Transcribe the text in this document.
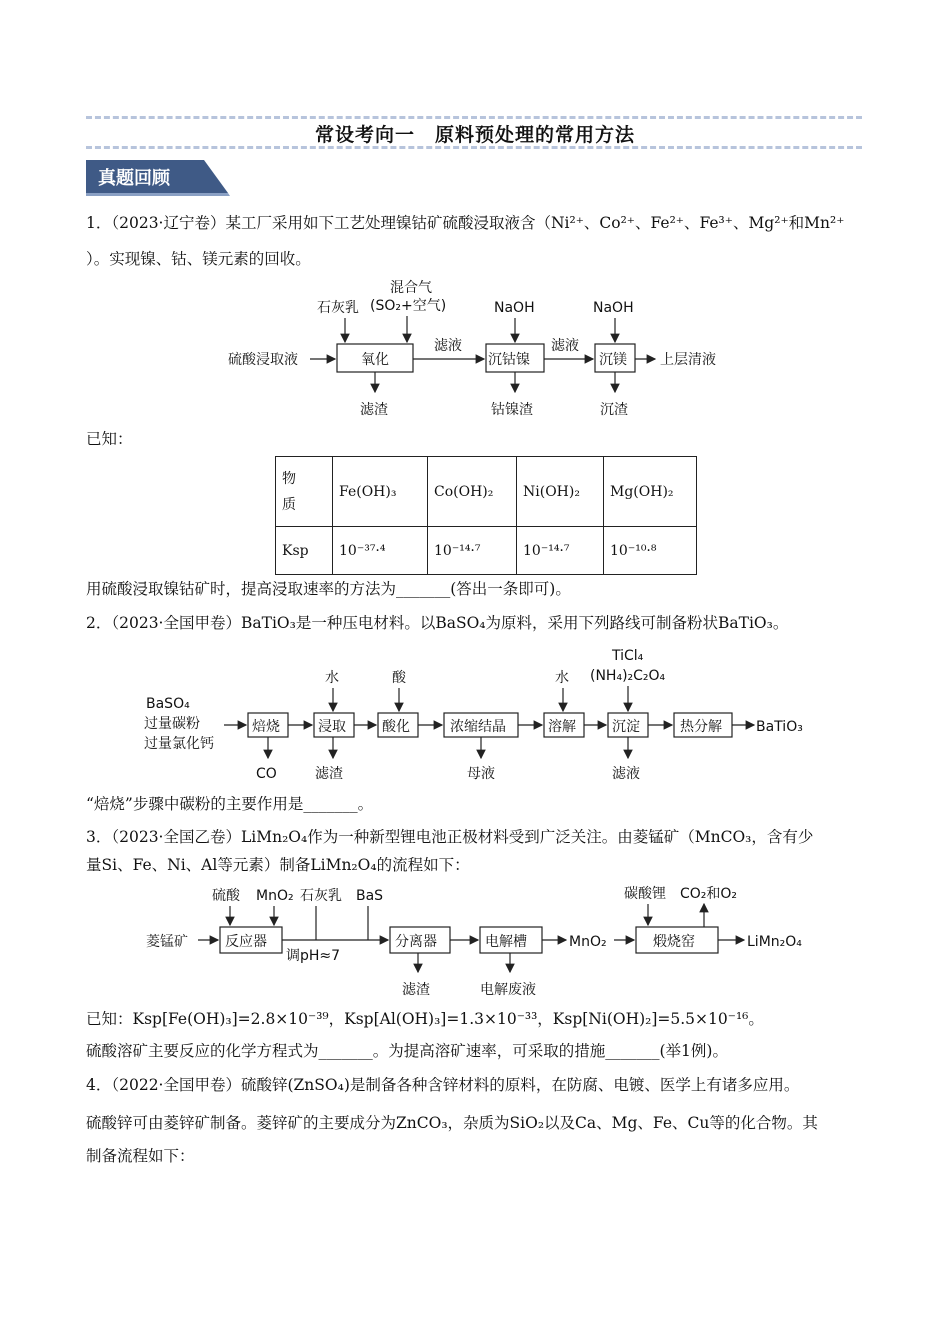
常设考向一　原料预处理的常用方法
真题回顾
1．（2023·辽宁卷）某工厂采用如下工艺处理镍钴矿硫酸浸取液含（Ni²⁺、Co²⁺、Fe²⁺、Fe³⁺、Mg²⁺和Mn²⁺
）。实现镍、钴、镁元素的回收。
硫酸浸取液	氧化
石灰乳
混合气
(SO₂+空气)
滤液
沉钴镍
NaOH
滤液
沉镁
NaOH
上层清液
滤渣	钴镍渣	沉渣
已知：
物
质	Fe(OH)₃	Co(OH)₂	Ni(OH)₂	Mg(OH)₂
Ksp	10⁻³⁷·⁴	10⁻¹⁴·⁷	10⁻¹⁴·⁷	10⁻¹⁰·⁸
用硫酸浸取镍钴矿时，提高浸取速率的方法为_______(答出一条即可)。
2．（2023·全国甲卷）BaTiO₃是一种压电材料。以BaSO₄为原料，采用下列路线可制备粉状BaTiO₃。
BaSO₄
过量碳粉
过量氯化钙
焙烧	浸取	酸化	浓缩结晶	溶解	沉淀	热分解 BaTiO₃
水	酸	水
TiCl₄
(NH₄)₂C₂O₄
CO	滤渣	母液	滤液
“焙烧”步骤中碳粉的主要作用是_______。
3．（2023·全国乙卷）LiMn₂O₄作为一种新型锂电池正极材料受到广泛关注。由菱锰矿（MnCO₃，含有少
量Si、Fe、Ni、Al等元素）制备LiMn₂O₄的流程如下：
菱锰矿	反应器
硫酸 MnO₂ 石灰乳 BaS
调pH≈7
分离器	电解槽	MnO₂	煅烧窑	LiMn₂O₄
碳酸锂 CO₂和O₂
滤渣	电解废液
已知：Ksp[Fe(OH)₃]=2.8×10⁻³⁹，Ksp[Al(OH)₃]=1.3×10⁻³³，Ksp[Ni(OH)₂]=5.5×10⁻¹⁶。
硫酸溶矿主要反应的化学方程式为_______。为提高溶矿速率，可采取的措施_______(举1例)。
4．（2022·全国甲卷）硫酸锌(ZnSO₄)是制备各种含锌材料的原料，在防腐、电镀、医学上有诸多应用。
硫酸锌可由菱锌矿制备。菱锌矿的主要成分为ZnCO₃，杂质为SiO₂以及Ca、Mg、Fe、Cu等的化合物。其
制备流程如下：
